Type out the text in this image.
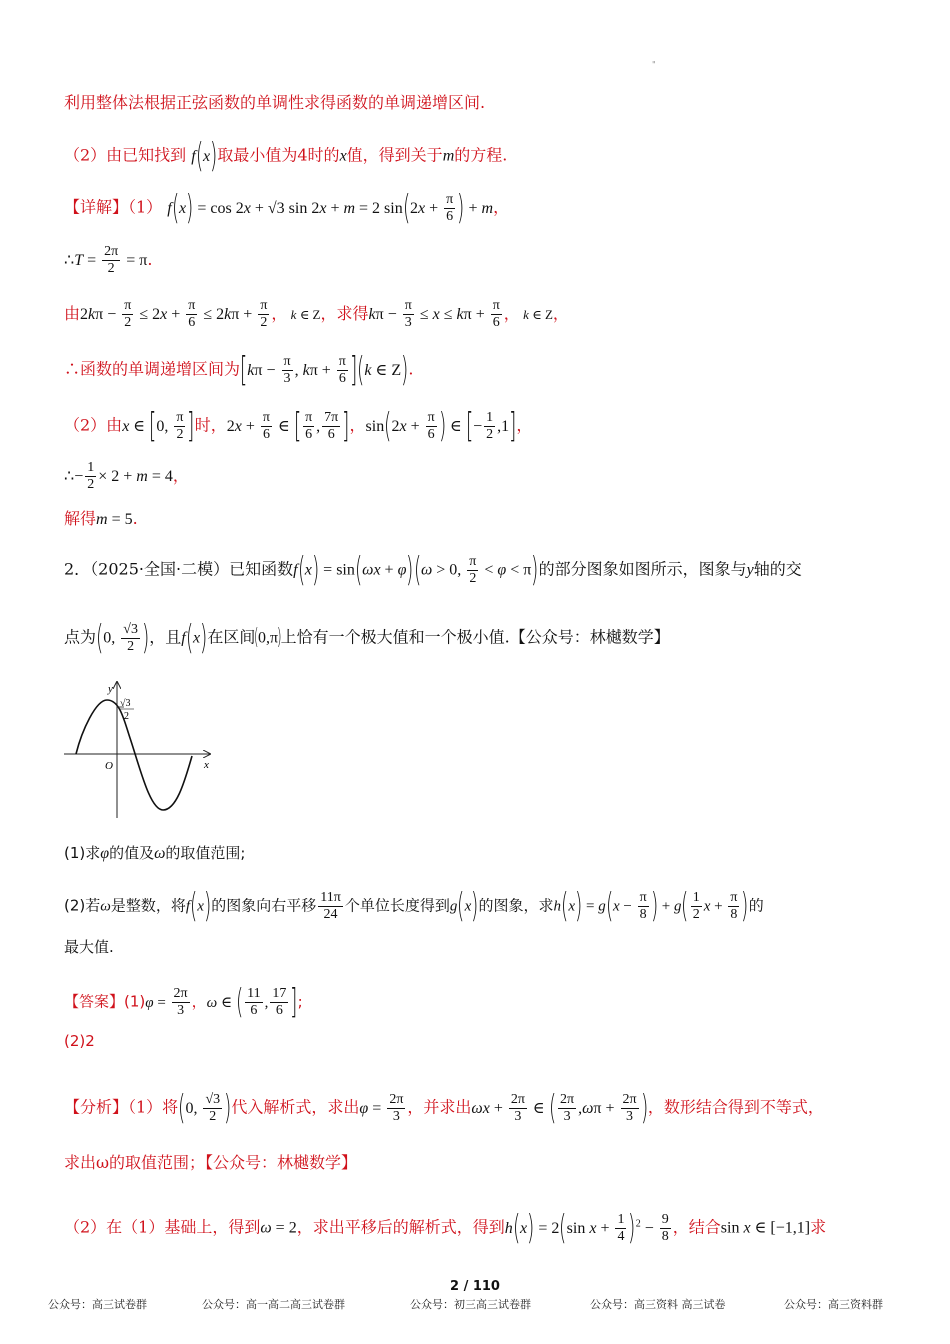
"
利用整体法根据正弦函数的单调性求得函数的单调递增区间.
（2）由已知找到 f(x)取最小值为4时的x值，得到关于m的方程.
【详解】（1） f(x) = cos 2x + √3 sin 2x + m = 2 $\sin(2x + \frac{\pi}{6}$ ) + m，
∴T = $\frac{2\pi}{2} = \pi$.
由$2k\pi - \frac{\pi}{2} \le 2x + \frac{\pi}{6} \le 2k\pi + \frac{\pi}{2}$ ， k ∈ Z，求得$k\pi - \frac{\pi}{3} \le x \le k\pi + \frac{\pi}{6}$ ， k ∈ Z，
∴函数的单调递增区间为[$k\pi - \frac{\pi}{3}$ , $k\pi + \frac{\pi}{6} ](k$ ∈ Z).
（2）由x ∈ [0, $\frac{\pi}{2}$ ]时，$2x + \frac{\pi}{6}$ ∈ [ $\frac{\pi}{6}$ , $\frac{7\pi}{6}$ ]，$\sin(2x + \frac{\pi}{6}$ ) ∈ [− $\frac{1}{2} ,1$]，
∴− $\frac{1}{2} \times 2 + m = 4$，
解得m = 5.
2．（2025·全国·二模）已知函数f(x) = sin(ωx + φ)(ω > 0, $\frac{\pi}{2} < \varphi < \pi$)的部分图象如图所示，图象与y轴的交
点为(0, $\frac{√3}{2}$ )，且f(x)在区间(0,π)上恰有一个极大值和一个极小值.【公众号：林樾数学】
y
x
O
√3
2
(1)求φ的值及ω的取值范围;
(2)若ω是整数，将f(x)的图象向右平移 $\frac{11\pi}{24}$ 个单位长度得到g(x)的图象，求$h(x) = g(x - \frac{\pi}{8}$ ) + $g( \frac{1}{2}$ $x + \frac{\pi}{8}$ )的
最大值.
【答案】$(1)\varphi = \frac{2\pi}{3}$ ，ω ∈ ( $\frac{11}{6}$ , $\frac{17}{6}$ ];
(2)2
【分析】（1）将(0, $\frac{√3}{2}$ )代入解析式，求出$\varphi = \frac{2\pi}{3}$ ，并求出$\omega x + \frac{2\pi}{3}$ ∈ ( $\frac{2\pi}{3} ,\omega\pi + \frac{2\pi}{3}$ )，数形结合得到不等式，
求出ω的取值范围；【公众号：林樾数学】
（2）在（1）基础上，得到ω = 2，求出平移后的解析式，得到h(x) = 2(sin $x + \frac{1}{4} )^2 - \frac{9}{8}$ ，结合sin x ∈ [−1,1]求
2 / 110
公众号：高三试卷群	公众号：高一高二高三试卷群	公众号：初三高三试卷群	公众号：高三资料 高三试卷	公众号：高三资料群
